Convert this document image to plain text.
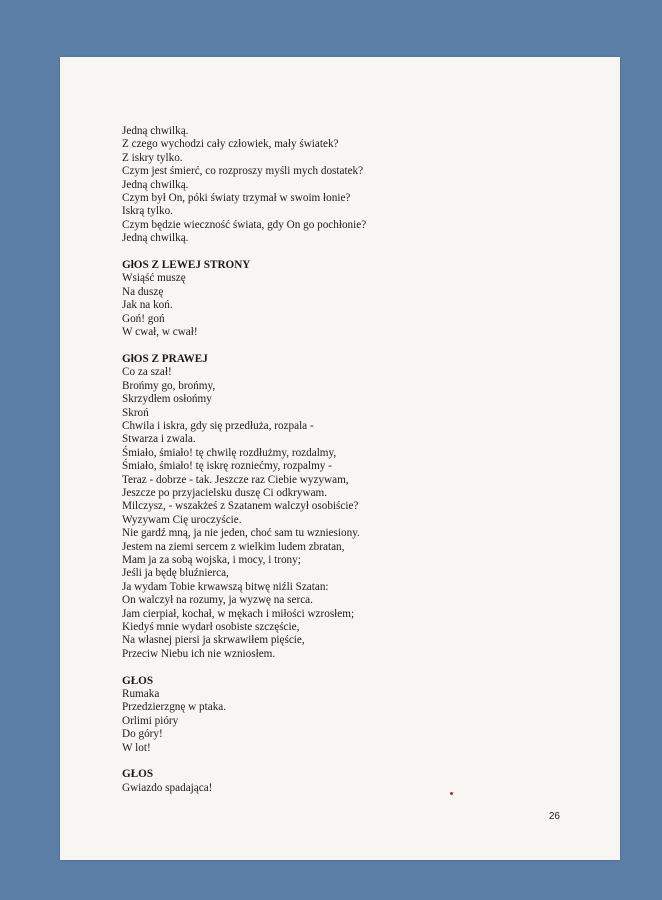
Jedną chwilką.
Z czego wychodzi cały człowiek, mały światek?
Z iskry tylko.
Czym jest śmierć, co rozproszy myśli mych dostatek?
Jedną chwilką.
Czym był On, póki światy trzymał w swoim łonie?
Iskrą tylko.
Czym będzie wieczność świata, gdy On go pochłonie?
Jedną chwilką.
GłOS Z LEWEJ STRONY
Wsiąść muszę
Na duszę
Jak na koń.
Goń! goń
W cwał, w cwał!
GłOS Z PRAWEJ
Co za szał!
Brońmy go, brońmy,
Skrzydłem osłońmy
Skroń
Chwila i iskra, gdy się przedłuża, rozpala -
Stwarza i zwala.
Śmiało, śmiało! tę chwilę rozdłużmy, rozdalmy,
Śmiało, śmiało! tę iskrę rozniećmy, rozpalmy -
Teraz - dobrze - tak. Jeszcze raz Ciebie wyzywam,
Jeszcze po przyjacielsku duszę Ci odkrywam.
Milczysz, - wszakżeś z Szatanem walczył osobiście?
Wyzywam Cię uroczyście.
Nie gardź mną, ja nie jeden, choć sam tu wzniesiony.
Jestem na ziemi sercem z wielkim ludem zbratan,
Mam ja za sobą wojska, i mocy, i trony;
Jeśli ja będę bluźnierca,
Ja wydam Tobie krwawszą bitwę niźli Szatan:
On walczył na rozumy, ja wyzwę na serca.
Jam cierpiał, kochał, w mękach i miłości wzrosłem;
Kiedyś mnie wydarł osobiste szczęście,
Na własnej piersi ja skrwawiłem pięście,
Przeciw Niebu ich nie wzniosłem.
GŁOS
Rumaka
Przedzierzgnę w ptaka.
Orlimi pióry
Do góry!
W lot!
GŁOS
Gwiazdo spadająca!
26
